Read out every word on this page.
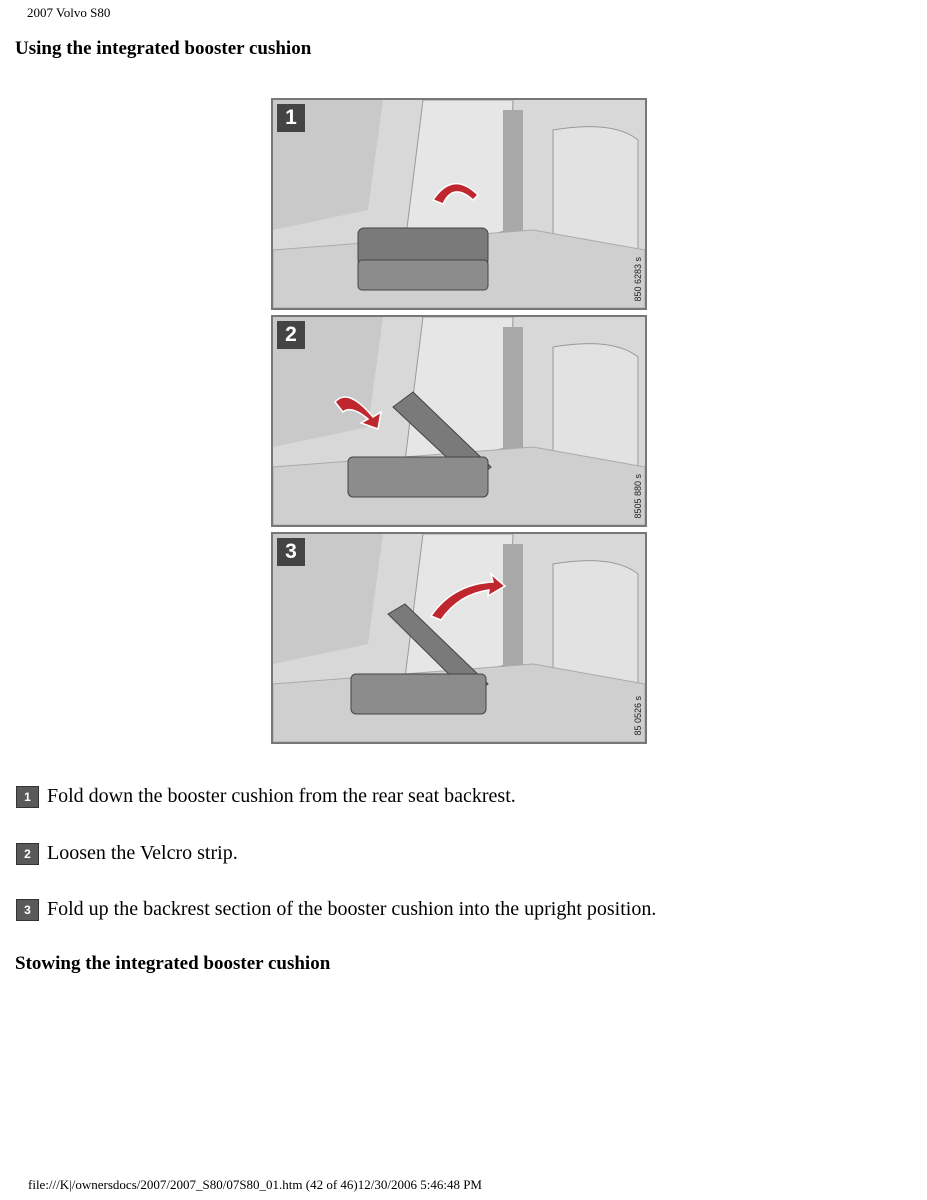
2007 Volvo S80
Using the integrated booster cushion
1
850 6283 s
2
8505 880 s
3
85 0526 s
1 Fold down the booster cushion from the rear seat backrest.
2 Loosen the Velcro strip.
3 Fold up the backrest section of the booster cushion into the upright position.
Stowing the integrated booster cushion
file:///K|/ownersdocs/2007/2007_S80/07S80_01.htm (42 of 46)12/30/2006 5:46:48 PM
